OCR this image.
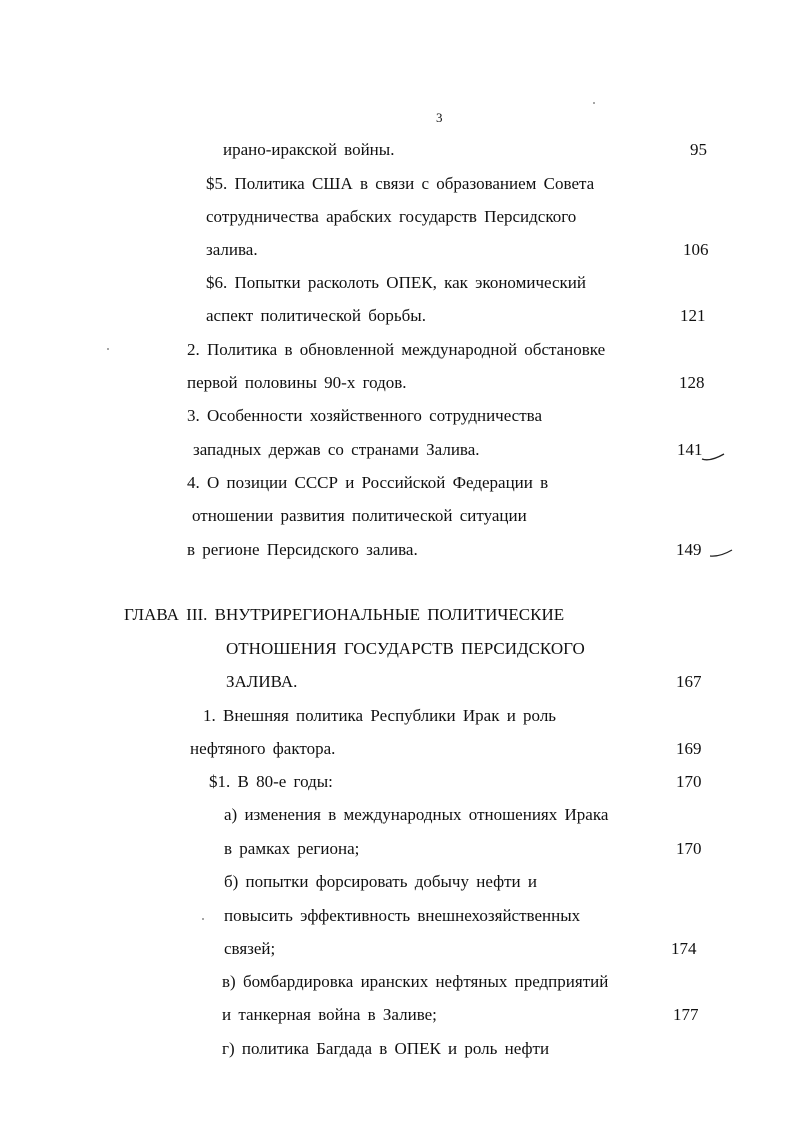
3
ирано-иракской войны.	95
$5. Политика США в связи с образованием Совета
сотрудничества арабских государств Персидского
залива.	106
$6. Попытки расколоть ОПЕК, как экономический
аспект политической борьбы.	121
2. Политика в обновленной международной обстановке
первой половины 90-х годов.	128
3. Особенности хозяйственного сотрудничества
западных держав со странами Залива.	141
4. О позиции СССР и Российской Федерации в
отношении развития политической ситуации
в регионе Персидского залива.	149
ГЛАВА III. ВНУТРИРЕГИОНАЛЬНЫЕ ПОЛИТИЧЕСКИЕ
ОТНОШЕНИЯ ГОСУДАРСТВ ПЕРСИДСКОГО
ЗАЛИВА.	167
1. Внешняя политика Республики Ирак и роль
нефтяного фактора.	169
$1. В 80-е годы:	170
а) изменения в международных отношениях Ирака
в рамках региона;	170
б) попытки форсировать добычу нефти и
повысить эффективность внешнехозяйственных
связей;	174
в) бомбардировка иранских нефтяных предприятий
и танкерная война в Заливе;	177
г) политика Багдада в ОПЕК и роль нефти
